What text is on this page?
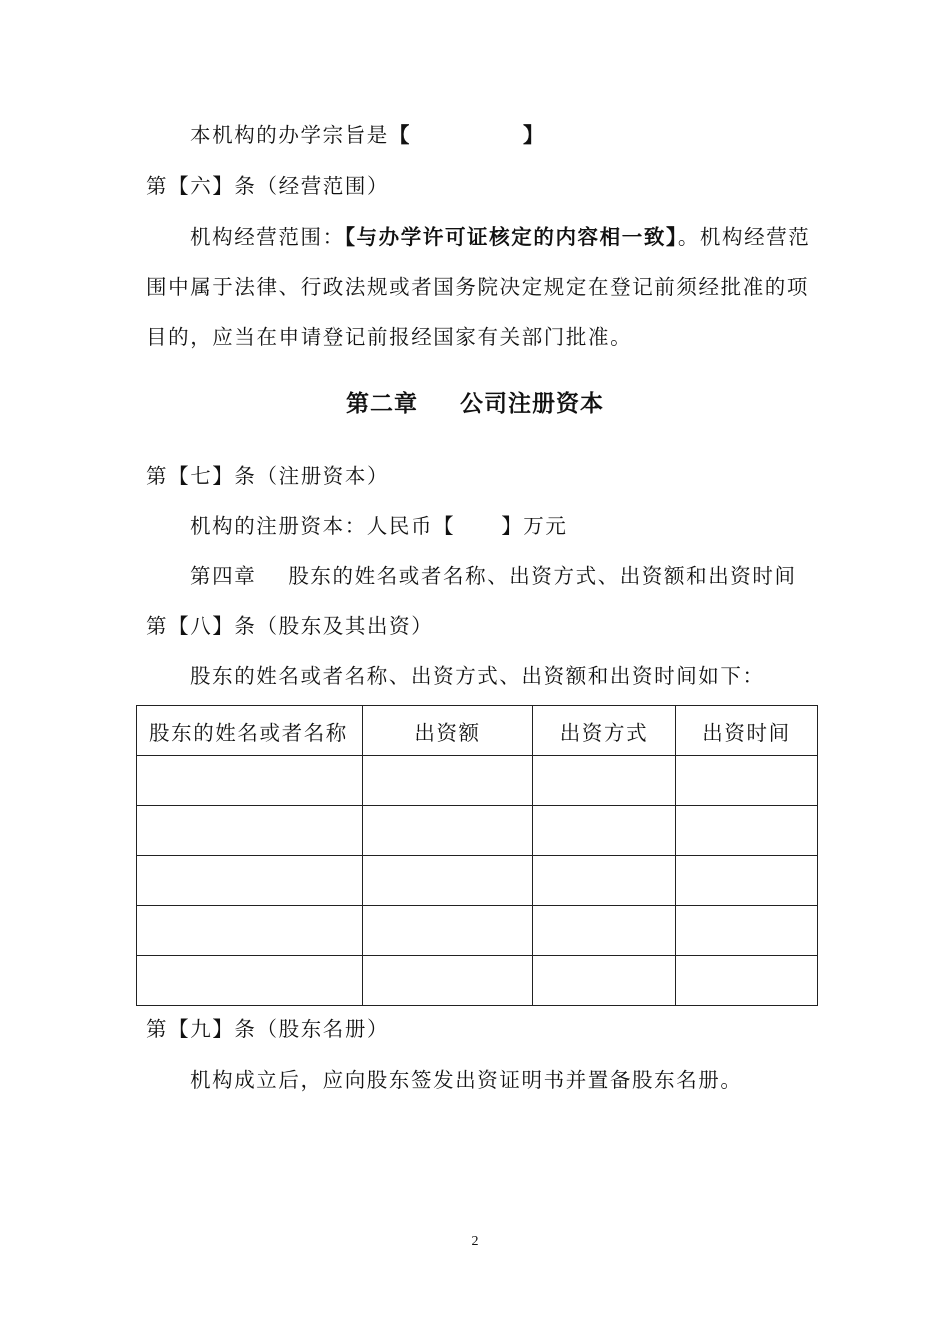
本机构的办学宗旨是【	】
第【六】条（经营范围）
机构经营范围：【与办学许可证核定的内容相一致】。机构经营范
围中属于法律、行政法规或者国务院决定规定在登记前须经批准的项
目的，应当在申请登记前报经国家有关部门批准。
第二章 公司注册资本
第【七】条（注册资本）
机构的注册资本：人民币【 】万元
第四章 股东的姓名或者名称、出资方式、出资额和出资时间
第【八】条（股东及其出资）
股东的姓名或者名称、出资方式、出资额和出资时间如下：
股东的姓名或者名称	出资额	出资方式	出资时间

第【九】条（股东名册）
机构成立后，应向股东签发出资证明书并置备股东名册。
2
